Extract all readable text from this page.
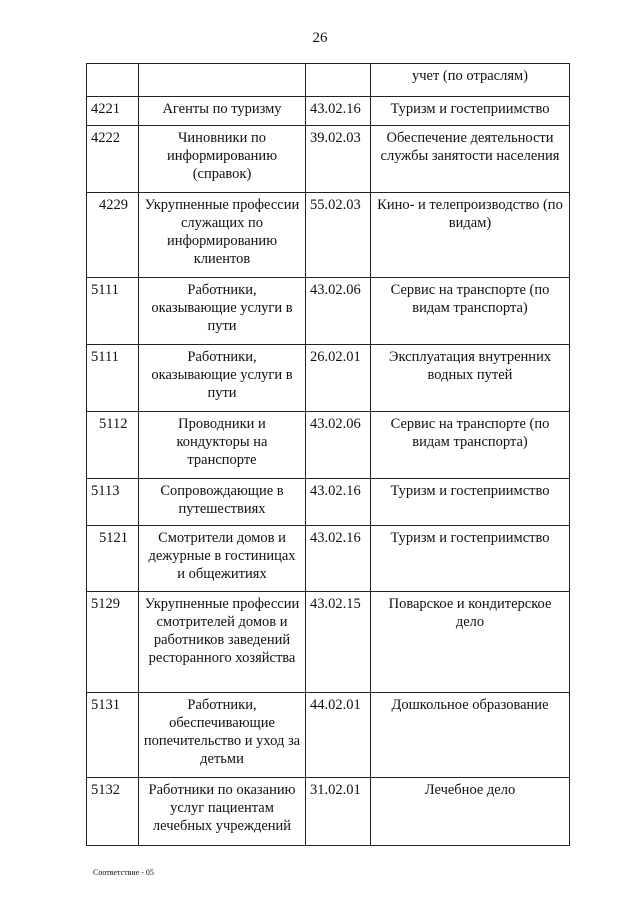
26
			учет (по отраслям)
4221	Агенты по туризму	43.02.16	Туризм и гостеприимство
4222	Чиновники по информированию (справок)	39.02.03	Обеспечение деятельности службы занятости населения
4229	Укрупненные профессии служащих по информированию клиентов	55.02.03	Кино- и телепроизводство (по видам)
5111	Работники, оказывающие услуги в пути	43.02.06	Сервис на транспорте (по видам транспорта)
5111	Работники, оказывающие услуги в пути	26.02.01	Эксплуатация внутренних водных путей
5112	Проводники и кондукторы на транспорте	43.02.06	Сервис на транспорте (по видам транспорта)
5113	Сопровождающие в путешествиях	43.02.16	Туризм и гостеприимство
5121	Смотрители домов и дежурные в гостиницах и общежитиях	43.02.16	Туризм и гостеприимство
5129	Укрупненные профессии смотрителей домов и работников заведений ресторанного хозяйства	43.02.15	Поварское и кондитерское дело
5131	Работники, обеспечивающие попечительство и уход за детьми	44.02.01	Дошкольное образование
5132	Работники по оказанию услуг пациентам лечебных учреждений	31.02.01	Лечебное дело
Соответствие - 05
